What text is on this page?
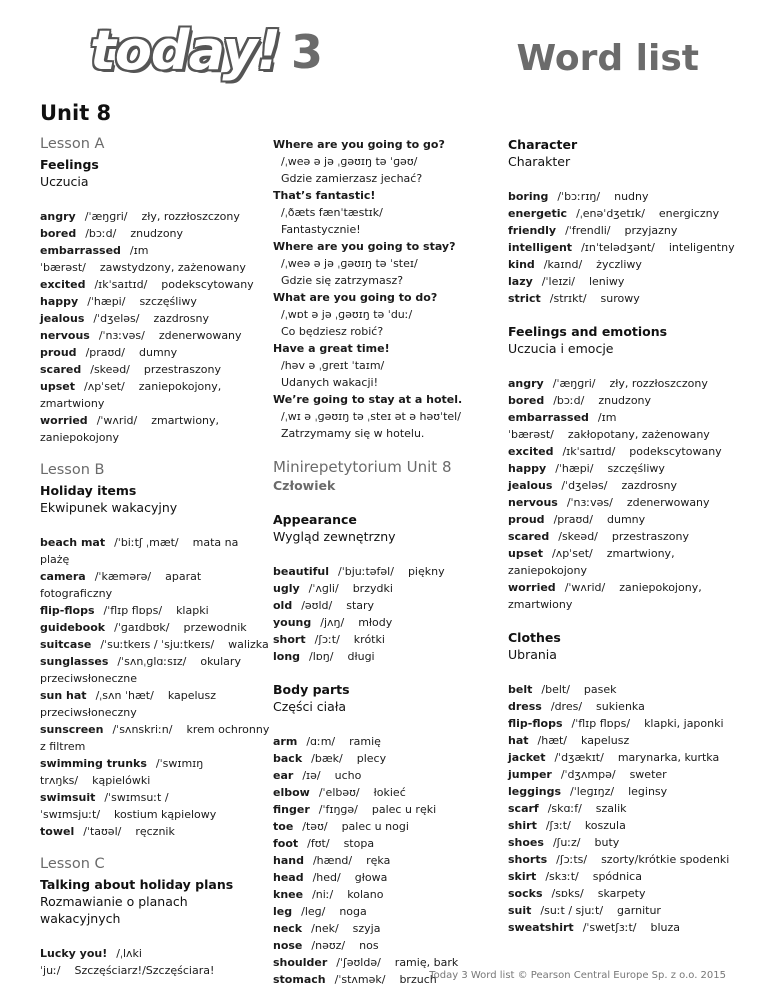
today! 3	Word list
Unit 8
Lesson A
Feelings
Uczucia
angry /ˈæŋɡri/ zły, rozzłoszczony
bored /bɔːd/ znudzony
embarrassed /ɪmˈbærəst/ zawstydzony, zażenowany
excited /ɪkˈsaɪtɪd/ podekscytowany
happy /ˈhæpi/ szczęśliwy
jealous /ˈdʒeləs/ zazdrosny
nervous /ˈnɜːvəs/ zdenerwowany
proud /praʊd/ dumny
scared /skeəd/ przestraszony
upset /ʌpˈset/ zaniepokojony, zmartwiony
worried /ˈwʌrid/ zmartwiony, zaniepokojony
Lesson B
Holiday items
Ekwipunek wakacyjny
beach mat /ˈbiːtʃ ˌmæt/ mata na plażę
camera /ˈkæmərə/ aparat fotograficzny
flip-flops /ˈflɪp flɒps/ klapki
guidebook /ˈɡaɪdbʊk/ przewodnik
suitcase /ˈsuːtkeɪs / ˈsjuːtkeɪs/ walizka
sunglasses /ˈsʌnˌɡlɑːsɪz/ okulary przeciwsłoneczne
sun hat /ˌsʌn ˈhæt/ kapelusz przeciwsłoneczny
sunscreen /ˈsʌnskriːn/ krem ochronny z filtrem
swimming trunks /ˈswɪmɪŋ trʌŋks/ kąpielówki
swimsuit /ˈswɪmsuːt / ˈswɪmsjuːt/ kostium kąpielowy
towel /ˈtaʊəl/ ręcznik
Lesson C
Talking about holiday plans
Rozmawianie o planach wakacyjnych
Lucky you! /ˌlʌki ˈjuː/ Szczęściarz!/Szczęściara!
Where are you going to go?
/ˌweə ə jə ˌɡəʊɪŋ tə ˈɡəʊ/
Gdzie zamierzasz jechać?
That’s fantastic!
/ˌðæts fænˈtæstɪk/
Fantastycznie!
Where are you going to stay?
/ˌweə ə jə ˌɡəʊɪŋ tə ˈsteɪ/
Gdzie się zatrzymasz?
What are you going to do?
/ˌwɒt ə jə ˌɡəʊɪŋ tə ˈduː/
Co będziesz robić?
Have a great time!
/həv ə ˌɡreɪt ˈtaɪm/
Udanych wakacji!
We’re going to stay at a hotel.
/ˌwɪ ə ˌɡəʊɪŋ tə ˌsteɪ ət ə həʊˈtel/
Zatrzymamy się w hotelu.
Minirepetytorium Unit 8
Człowiek
Appearance
Wygląd zewnętrzny
beautiful /ˈbjuːtəfəl/ piękny
ugly /ˈʌɡli/ brzydki
old /əʊld/ stary
young /jʌŋ/ młody
short /ʃɔːt/ krótki
long /lɒŋ/ długi
Body parts
Części ciała
arm /ɑːm/ ramię
back /bæk/ plecy
ear /ɪə/ ucho
elbow /ˈelbəʊ/ łokieć
finger /ˈfɪŋɡə/ palec u ręki
toe /təʊ/ palec u nogi
foot /fʊt/ stopa
hand /hænd/ ręka
head /hed/ głowa
knee /niː/ kolano
leg /leɡ/ noga
neck /nek/ szyja
nose /nəʊz/ nos
shoulder /ˈʃəʊldə/ ramię, bark
stomach /ˈstʌmək/ brzuch
Character
Charakter
boring /ˈbɔːrɪŋ/ nudny
energetic /ˌenəˈdʒetɪk/ energiczny
friendly /ˈfrendli/ przyjazny
intelligent /ɪnˈtelədʒənt/ inteligentny
kind /kaɪnd/ życzliwy
lazy /ˈleɪzi/ leniwy
strict /strɪkt/ surowy
Feelings and emotions
Uczucia i emocje
angry /ˈæŋɡri/ zły, rozzłoszczony
bored /bɔːd/ znudzony
embarrassed /ɪmˈbærəst/ zakłopotany, zażenowany
excited /ɪkˈsaɪtɪd/ podekscytowany
happy /ˈhæpi/ szczęśliwy
jealous /ˈdʒeləs/ zazdrosny
nervous /ˈnɜːvəs/ zdenerwowany
proud /praʊd/ dumny
scared /skeəd/ przestraszony
upset /ʌpˈset/ zmartwiony, zaniepokojony
worried /ˈwʌrid/ zaniepokojony, zmartwiony
Clothes
Ubrania
belt /belt/ pasek
dress /dres/ sukienka
flip-flops /ˈflɪp flɒps/ klapki, japonki
hat /hæt/ kapelusz
jacket /ˈdʒækɪt/ marynarka, kurtka
jumper /ˈdʒʌmpə/ sweter
leggings /ˈleɡɪŋz/ leginsy
scarf /skɑːf/ szalik
shirt /ʃɜːt/ koszula
shoes /ʃuːz/ buty
shorts /ʃɔːts/ szorty/krótkie spodenki
skirt /skɜːt/ spódnica
socks /sɒks/ skarpety
suit /suːt / sjuːt/ garnitur
sweatshirt /ˈswetʃɜːt/ bluza
Today 3 Word list © Pearson Central Europe Sp. z o.o. 2015
